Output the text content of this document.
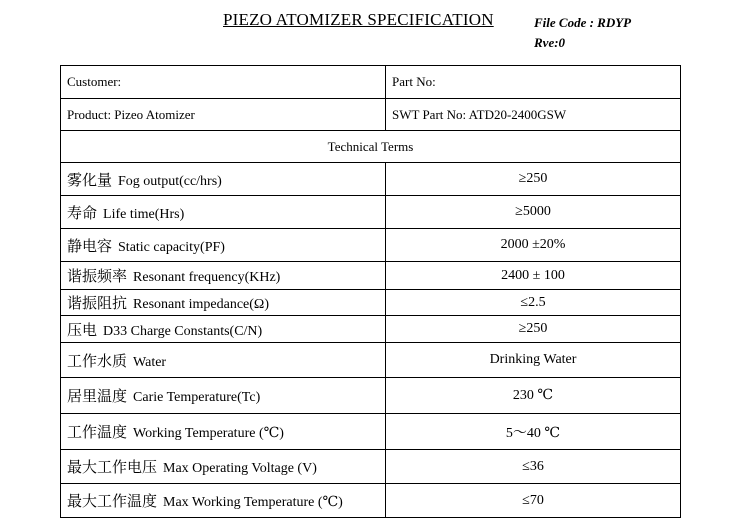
PIEZO ATOMIZER SPECIFICATION	File Code : RDYP
Rve:0
Customer:	Part No:
Product: Pizeo Atomizer	SWT Part No: ATD20-2400GSW
Technical Terms	
雾化量 Fog output(cc/hrs)	≥250
寿命 Life time(Hrs)	≥5000
静电容 Static capacity(PF)	2000 ±20%
谐振频率 Resonant frequency(KHz)	2400 ± 100
谐振阻抗 Resonant impedance(Ω)	≤2.5
压电 D33 Charge Constants(C/N)	≥250
工作水质 Water	Drinking Water
居里温度 Carie Temperature(Tc)	230 ℃
工作温度 Working Temperature (℃)	5～40 ℃
最大工作电压 Max Operating Voltage (V)	≤36
最大工作温度 Max Working Temperature (℃)	≤70
